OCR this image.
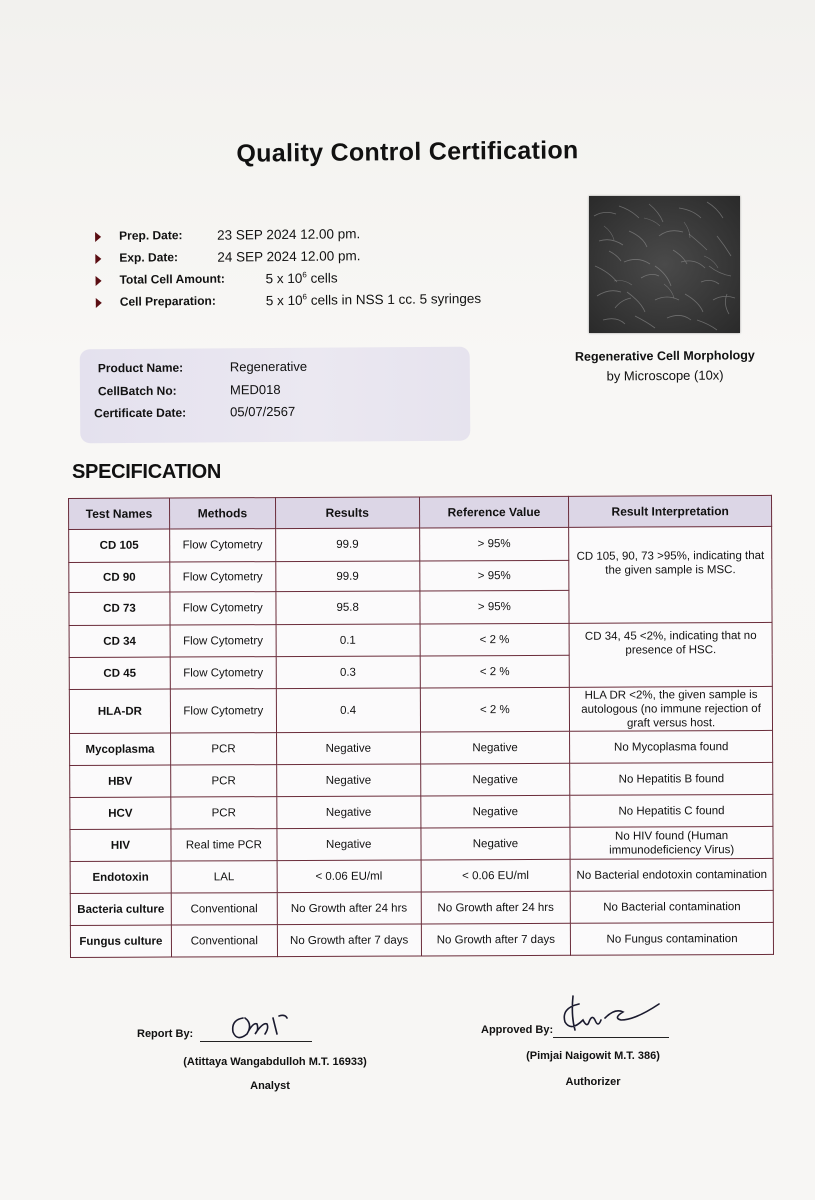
Quality Control Certification
Prep. Date:	23 SEP 2024 12.00 pm.
Exp. Date:	24 SEP 2024 12.00 pm.
Total Cell Amount:	5 x $10^6$ cells
Cell Preparation:	5 x $10^6$ cells in NSS 1 cc. 5 syringes
Regenerative Cell Morphology
by Microscope (10x)
Product Name:	Regenerative
CellBatch No:	MED018
Certificate Date:	05/07/2567
SPECIFICATION
Test Names	Methods	Results	Reference Value	Result Interpretation
CD 105	Flow Cytometry	99.9	> 95%	CD 105, 90, 73 >95%, indicating that the given sample is MSC.
CD 90	Flow Cytometry	99.9	> 95%	
CD 73	Flow Cytometry	95.8	> 95%	
CD 34	Flow Cytometry	0.1	< 2 %	CD 34, 45 <2%, indicating that no presence of HSC.
CD 45	Flow Cytometry	0.3	< 2 %	
HLA-DR	Flow Cytometry	0.4	< 2 %	HLA DR <2%, the given sample is autologous (no immune rejection of graft versus host.
Mycoplasma	PCR	Negative	Negative	No Mycoplasma found
HBV	PCR	Negative	Negative	No Hepatitis B found
HCV	PCR	Negative	Negative	No Hepatitis C found
HIV	Real time PCR	Negative	Negative	No HIV found (Human immunodeficiency Virus)
Endotoxin	LAL	< 0.06 EU/ml	< 0.06 EU/ml	No Bacterial endotoxin contamination
Bacteria culture	Conventional	No Growth after 24 hrs	No Growth after 24 hrs	No Bacterial contamination
Fungus culture	Conventional	No Growth after 7 days	No Growth after 7 days	No Fungus contamination
Report By:
(Atittaya Wangabdulloh M.T. 16933)
Analyst
Approved By:
(Pimjai Naigowit M.T. 386)
Authorizer
